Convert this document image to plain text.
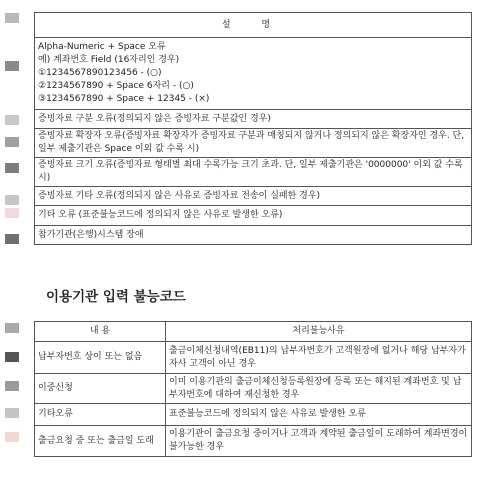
설 명
Alpha-Numeric + Space 오류
예) 계좌번호 Field (16자리인 경우)
①1234567890123456 - (○)
②1234567890 + Space 6자리 - (○)
③1234567890 + Space + 12345 - (×)
증빙자료 구분 오류(정의되지 않은 증빙자료 구분값인 경우)
증빙자료 확장자 오류(증빙자료 확장자가 증빙자료 구분과 매칭되지 않거나 정의되지 않은 확장자인 경우. 단, 일부 제출기관은 Space 이외 값 수록 시)
증빙자료 크기 오류(증빙자료 형태별 최대 수록가능 크기 초과. 단, 일부 제출기관은 '0000000' 이외 값 수록 시)
증빙자료 기타 오류(정의되지 않은 사유로 증빙자료 전송이 실패한 경우)
기타 오류 (표준불능코드에 정의되지 않은 사유로 발생한 오류)
참가기관(은행)시스템 장애
이용기관 입력 불능코드
내 용	처리불능사유
납부자번호 상이 또는 없음	출금이체신청내역(EB11)의 납부자번호가 고객원장에 없거나 해당 납부자가 자사 고객이 아닌 경우
이중신청	이미 이용기관의 출금이체신청등록원장에 등록 또는 해지된 계좌번호 및 납부자번호에 대하여 재신청한 경우
기타오류	표준불능코드에 정의되지 않은 사유로 발생한 오류
출금요청 중 또는 출금일 도래	이용기관이 출금요청 중이거나 고객과 계약된 출금일이 도래하여 계좌변경이 불가능한 경우
